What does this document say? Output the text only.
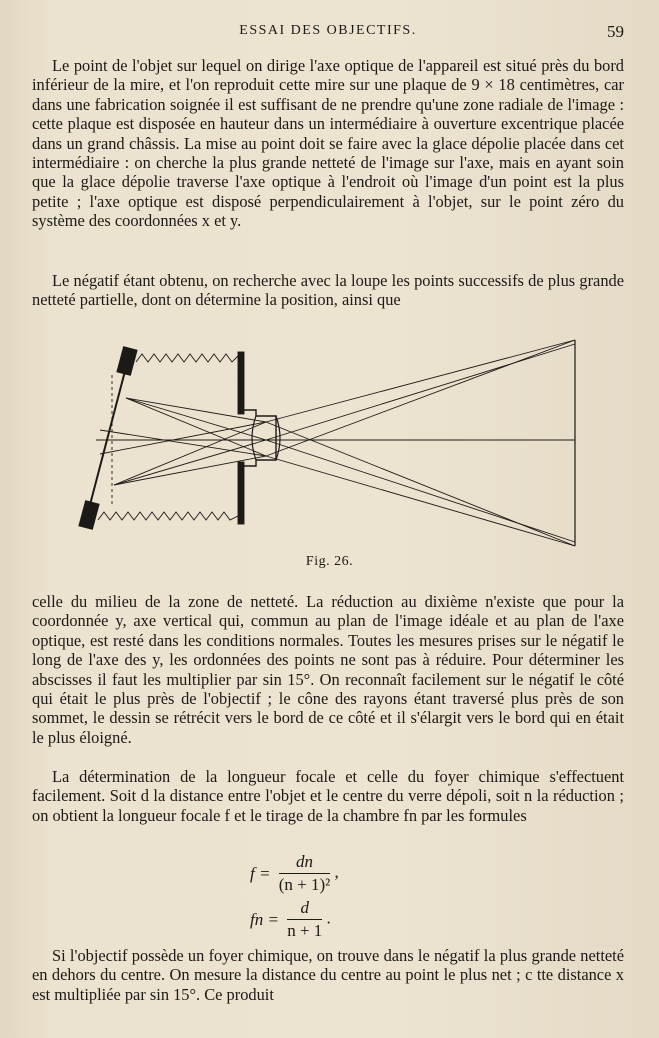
ESSAI DES OBJECTIFS.	59

Le point de l'objet sur lequel on dirige l'axe optique de l'appareil est situé près du bord inférieur de la mire, et l'on reproduit cette mire sur une plaque de 9 × 18 centimètres, car dans une fabrication soignée il est suffisant de ne prendre qu'une zone radiale de l'image : cette plaque est disposée en hauteur dans un intermédiaire à ouverture excentrique placée dans un grand châssis. La mise au point doit se faire avec la glace dépolie placée dans cet intermédiaire : on cherche la plus grande netteté de l'image sur l'axe, mais en ayant soin que la glace dépolie traverse l'axe optique à l'endroit où l'image d'un point est la plus petite ; l'axe optique est disposé perpendiculairement à l'objet, sur le point zéro du système des coordonnées x et y.

Le négatif étant obtenu, on recherche avec la loupe les points successifs de plus grande netteté partielle, dont on détermine la position, ainsi que

Fig. 26.

celle du milieu de la zone de netteté. La réduction au dixième n'existe que pour la coordonnée y, axe vertical qui, commun au plan de l'image idéale et au plan de l'axe optique, est resté dans les conditions normales. Toutes les mesures prises sur le négatif le long de l'axe des y, les ordonnées des points ne sont pas à réduire. Pour déterminer les abscisses il faut les multiplier par sin 15°. On reconnaît facilement sur le négatif le côté qui était le plus près de l'objectif ; le cône des rayons étant traversé plus près de son sommet, le dessin se rétrécit vers le bord de ce côté et il s'élargit vers le bord qui en était le plus éloigné.

La détermination de la longueur focale et celle du foyer chimique s'effectuent facilement. Soit d la distance entre l'objet et le centre du verre dépoli, soit n la réduction ; on obtient la longueur focale f et le tirage de la chambre fn par les formules

$f = \frac{dn}{\text{(n + 1)²}}$ ,
fn = $\frac{d}{n + 1}$ .

Si l'objectif possède un foyer chimique, on trouve dans le négatif la plus grande netteté en dehors du centre. On mesure la distance du centre au point le plus net ; c tte distance x est multipliée par sin 15°. Ce produit
